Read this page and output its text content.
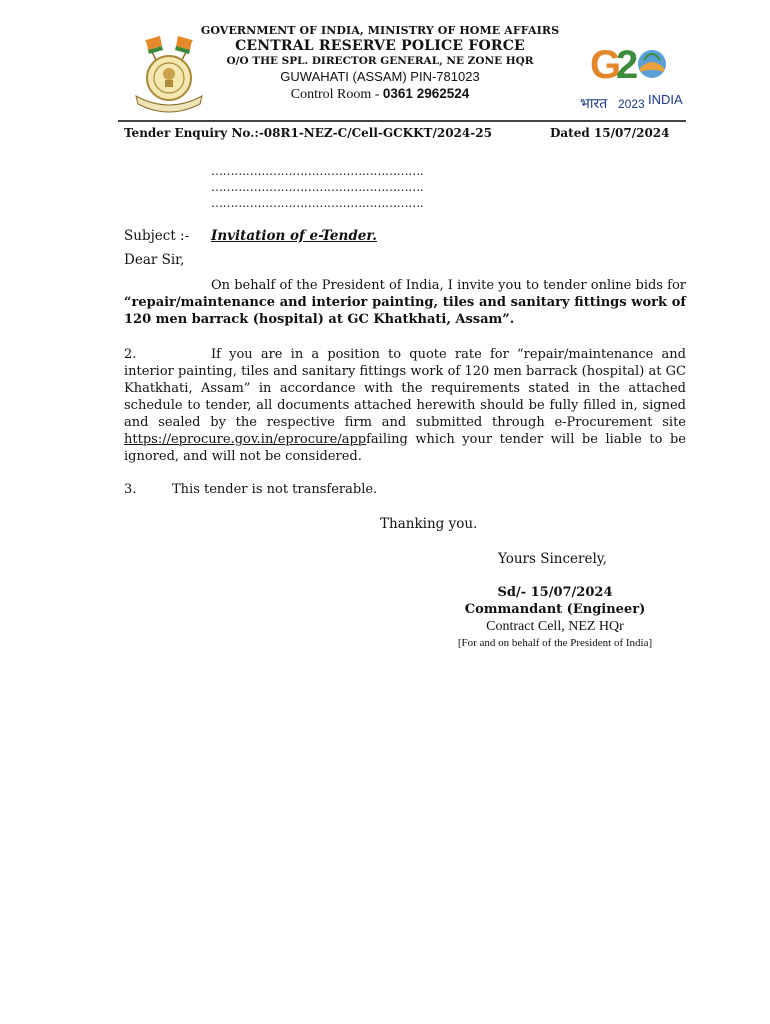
GOVERNMENT OF INDIA, MINISTRY OF HOME AFFAIRS
CENTRAL RESERVE POLICE FORCE
O/O THE SPL. DIRECTOR GENERAL, NE ZONE HQR
GUWAHATI (ASSAM) PIN-781023
Control Room - 0361 2962524
G
2
भारत 2023 INDIA
Tender Enquiry No.:-08R1-NEZ-C/Cell-GCKKT/2024-25	Dated 15/07/2024
……………………………………………….
……………………………………………….
……………………………………………….
Subject :- Invitation of e-Tender.
Dear Sir,
On behalf of the President of India, I invite you to tender online bids for “repair/maintenance and interior painting, tiles and sanitary fittings work of 120 men barrack (hospital) at GC Khatkhati, Assam”.
2.	If you are in a position to quote rate for “repair/maintenance and interior painting, tiles and sanitary fittings work of 120 men barrack (hospital) at GC Khatkhati, Assam” in accordance with the requirements stated in the attached schedule to tender, all documents attached herewith should be fully filled in, signed and sealed by the respective firm and submitted through e-Procurement site https://eprocure.gov.in/eprocure/appfailing which your tender will be liable to be ignored, and will not be considered.
3.	This tender is not transferable.
Thanking you.
Yours Sincerely,
Sd/- 15/07/2024
Commandant (Engineer)
Contract Cell, NEZ HQr
[For and on behalf of the President of India]
